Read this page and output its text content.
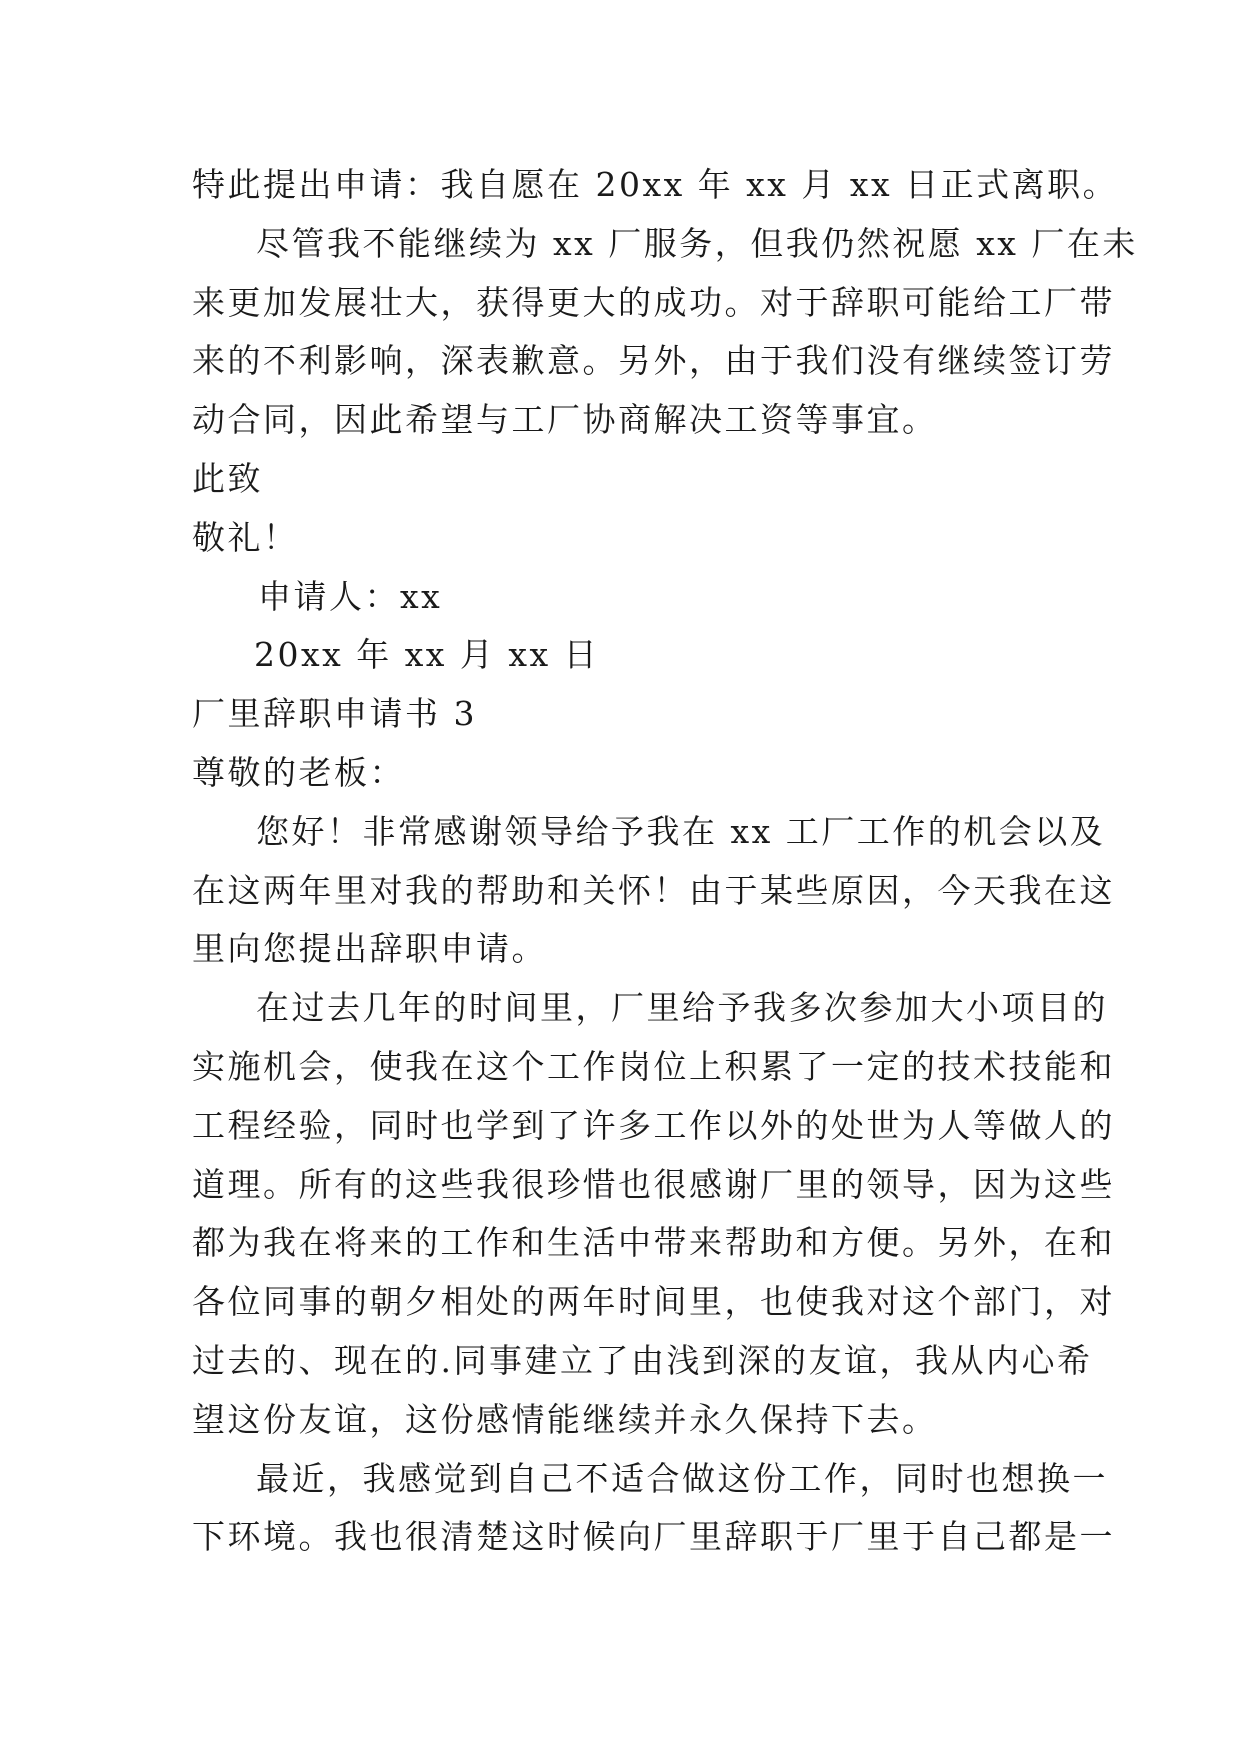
特此提出申请：我自愿在 20xx 年 xx 月 xx 日正式离职。
尽管我不能继续为 xx 厂服务，但我仍然祝愿 xx 厂在未
来更加发展壮大，获得更大的成功。对于辞职可能给工厂带
来的不利影响，深表歉意。另外，由于我们没有继续签订劳
动合同，因此希望与工厂协商解决工资等事宜。
此致
敬礼！
申请人：xx
20xx 年 xx 月 xx 日
厂里辞职申请书 3
尊敬的老板：
您好！非常感谢领导给予我在 xx 工厂工作的机会以及
在这两年里对我的帮助和关怀！由于某些原因，今天我在这
里向您提出辞职申请。
在过去几年的时间里，厂里给予我多次参加大小项目的
实施机会，使我在这个工作岗位上积累了一定的技术技能和
工程经验，同时也学到了许多工作以外的处世为人等做人的
道理。所有的这些我很珍惜也很感谢厂里的领导，因为这些
都为我在将来的工作和生活中带来帮助和方便。另外，在和
各位同事的朝夕相处的两年时间里，也使我对这个部门，对
过去的、现在的.同事建立了由浅到深的友谊，我从内心希
望这份友谊，这份感情能继续并永久保持下去。
最近，我感觉到自己不适合做这份工作，同时也想换一
下环境。我也很清楚这时候向厂里辞职于厂里于自己都是一
